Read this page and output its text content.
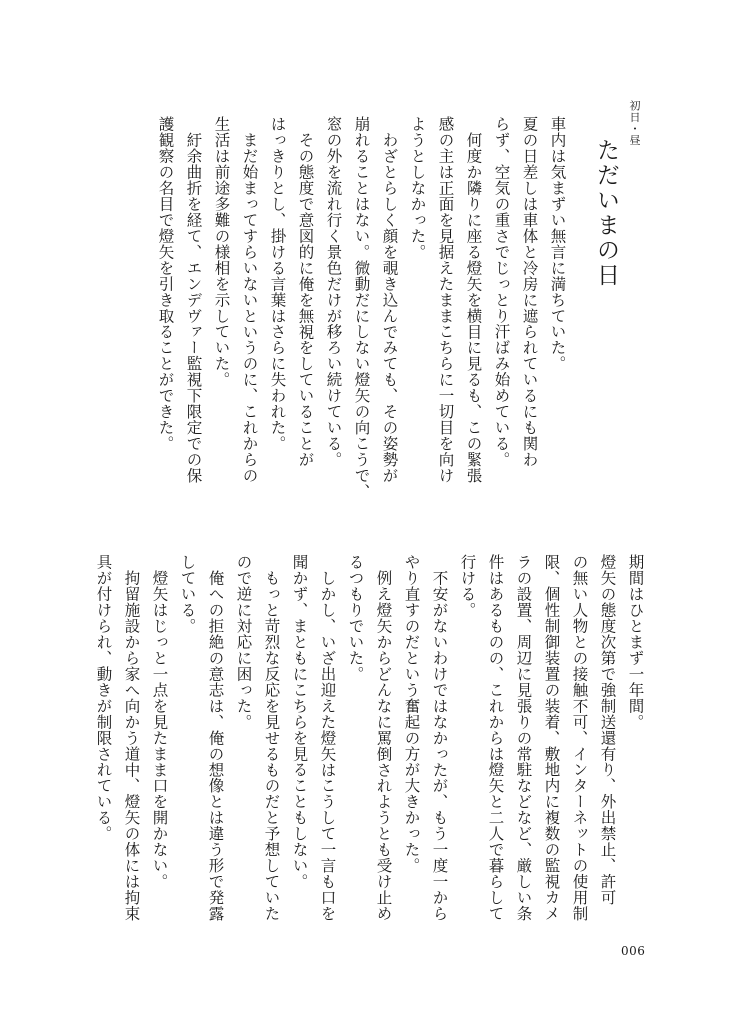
初日・昼
ただいまの日
車内は気まずい無言に満ちていた。
夏の日差しは車体と冷房に遮られているにも関わ
らず、空気の重さでじっとり汗ばみ始めている。
何度か隣りに座る燈矢を横目に見るも、この緊張
感の主は正面を見据えたままこちらに一切目を向け
ようとしなかった。
わざとらしく顔を覗き込んでみても、その姿勢が
崩れることはない。微動だにしない燈矢の向こうで、
窓の外を流れ行く景色だけが移ろい続けている。
その態度で意図的に俺を無視をしていることが
はっきりとし、掛ける言葉はさらに失われた。
まだ始まってすらいないというのに、これからの
生活は前途多難の様相を示していた。
紆余曲折を経て、エンデヴァー監視下限定での保
護観察の名目で燈矢を引き取ることができた。
期間はひとまず一年間。
燈矢の態度次第で強制送還有り、外出禁止、許可
の無い人物との接触不可、インターネットの使用制
限、個性制御装置の装着、敷地内に複数の監視カメ
ラの設置、周辺に見張りの常駐などなど、厳しい条
件はあるものの、これからは燈矢と二人で暮らして
行ける。
不安がないわけではなかったが、もう一度一から
やり直すのだという奮起の方が大きかった。
例え燈矢からどんなに罵倒されようとも受け止め
るつもりでいた。
しかし、いざ出迎えた燈矢はこうして一言も口を
聞かず、まともにこちらを見ることもしない。
もっと苛烈な反応を見せるものだと予想していた
ので逆に対応に困った。
俺への拒絶の意志は、俺の想像とは違う形で発露
している。
燈矢はじっと一点を見たまま口を開かない。
拘留施設から家へ向かう道中、燈矢の体には拘束
具が付けられ、動きが制限されている。
006
